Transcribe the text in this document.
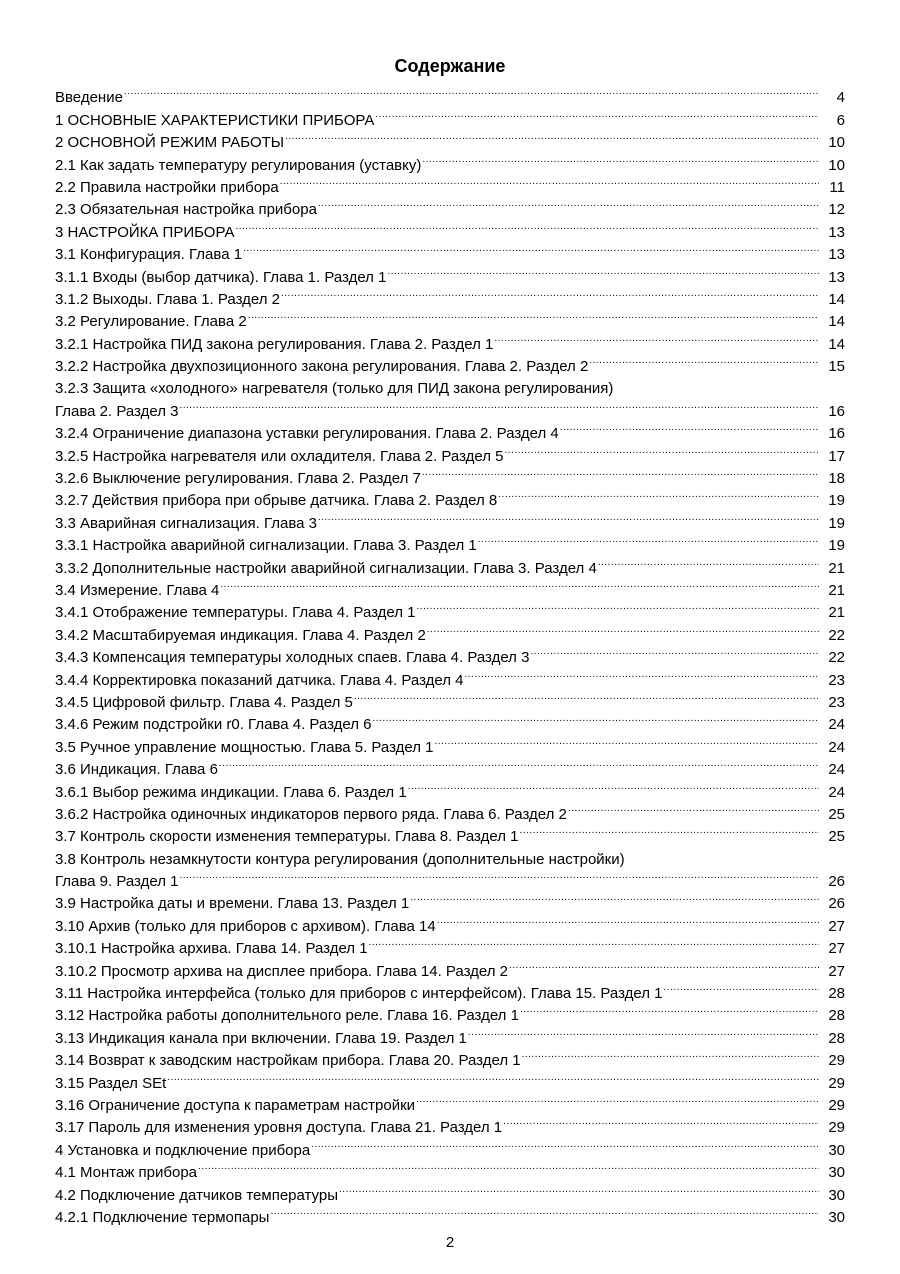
Содержание
Введение .....	4
1 ОСНОВНЫЕ ХАРАКТЕРИСТИКИ ПРИБОРА .....	6
2 ОСНОВНОЙ РЕЖИМ РАБОТЫ .....	10
2.1 Как задать температуру регулирования (уставку) .....	10
2.2 Правила настройки прибора .....	11
2.3 Обязательная настройка прибора .....	12
3 НАСТРОЙКА ПРИБОРА .....	13
3.1 Конфигурация. Глава 1 .....	13
3.1.1 Входы (выбор датчика). Глава 1. Раздел 1 .....	13
3.1.2 Выходы. Глава 1. Раздел 2 .....	14
3.2 Регулирование. Глава 2 .....	14
3.2.1 Настройка ПИД закона регулирования. Глава 2. Раздел 1 .....	14
3.2.2 Настройка двухпозиционного закона регулирования. Глава 2. Раздел 2 .....	15
3.2.3 Защита «холодного» нагревателя (только для ПИД закона регулирования)
Глава 2. Раздел 3 .....	16
3.2.4 Ограничение диапазона уставки регулирования. Глава 2. Раздел 4 .....	16
3.2.5 Настройка нагревателя или охладителя. Глава 2. Раздел 5 .....	17
3.2.6 Выключение регулирования. Глава 2. Раздел 7 .....	18
3.2.7 Действия прибора при обрыве датчика. Глава 2. Раздел 8 .....	19
3.3 Аварийная сигнализация. Глава 3 .....	19
3.3.1 Настройка аварийной сигнализации. Глава 3. Раздел 1 .....	19
3.3.2 Дополнительные настройки аварийной сигнализации. Глава 3. Раздел 4 .....	21
3.4 Измерение. Глава 4 .....	21
3.4.1 Отображение температуры. Глава 4. Раздел 1 .....	21
3.4.2 Масштабируемая индикация. Глава 4. Раздел 2 .....	22
3.4.3 Компенсация температуры холодных спаев. Глава 4. Раздел 3 .....	22
3.4.4 Корректировка показаний датчика. Глава 4. Раздел 4 .....	23
3.4.5 Цифровой фильтр. Глава 4. Раздел 5 .....	23
3.4.6 Режим подстройки r0. Глава 4. Раздел 6 .....	24
3.5 Ручное управление мощностью. Глава 5. Раздел 1 .....	24
3.6 Индикация. Глава 6 .....	24
3.6.1 Выбор режима индикации. Глава 6. Раздел 1 .....	24
3.6.2 Настройка одиночных индикаторов первого ряда. Глава 6. Раздел 2 .....	25
3.7 Контроль скорости изменения температуры. Глава 8. Раздел 1 .....	25
3.8 Контроль незамкнутости контура регулирования (дополнительные настройки)
Глава 9. Раздел 1 .....	26
3.9 Настройка даты и времени. Глава 13. Раздел 1 .....	26
3.10 Архив (только для приборов с архивом). Глава 14 .....	27
3.10.1 Настройка архива. Глава 14. Раздел 1 .....	27
3.10.2 Просмотр архива на дисплее прибора. Глава 14. Раздел 2 .....	27
3.11 Настройка интерфейса (только для приборов с интерфейсом). Глава 15. Раздел 1 .....	28
3.12 Настройка работы дополнительного реле. Глава 16. Раздел 1 .....	28
3.13 Индикация канала при включении. Глава 19. Раздел 1 .....	28
3.14 Возврат к заводским настройкам прибора. Глава 20. Раздел 1 .....	29
3.15 Раздел SEt .....	29
3.16 Ограничение доступа к параметрам настройки .....	29
3.17 Пароль для изменения уровня доступа. Глава 21. Раздел 1 .....	29
4 Установка и подключение прибора .....	30
4.1 Монтаж прибора .....	30
4.2 Подключение датчиков температуры .....	30
4.2.1 Подключение термопары .....	30
2
